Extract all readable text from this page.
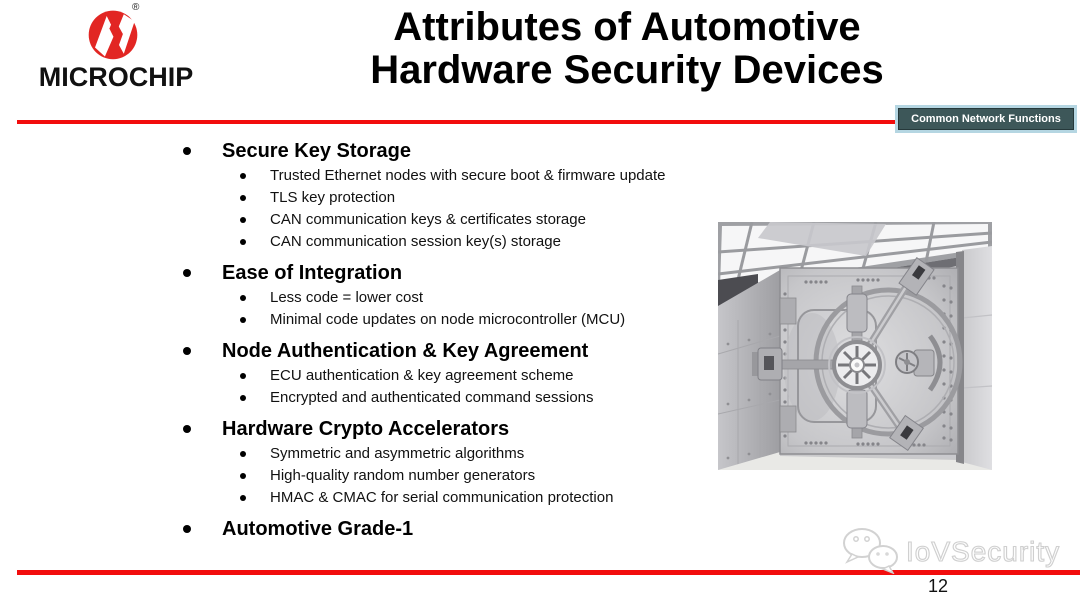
®
MICROCHIP
Attributes of Automotive
Hardware Security Devices
Common Network Functions
Secure Key Storage
Trusted Ethernet nodes with secure boot & firmware update
TLS key protection
CAN communication keys & certificates storage
CAN communication session key(s) storage
Ease of Integration
Less code = lower cost
Minimal code updates on node microcontroller (MCU)
Node Authentication & Key Agreement
ECU authentication & key agreement scheme
Encrypted and authenticated command sessions
Hardware Crypto Accelerators
Symmetric and asymmetric algorithms
High-quality random number generators
HMAC & CMAC for serial communication protection
Automotive Grade-1
IoVSecurity
12
